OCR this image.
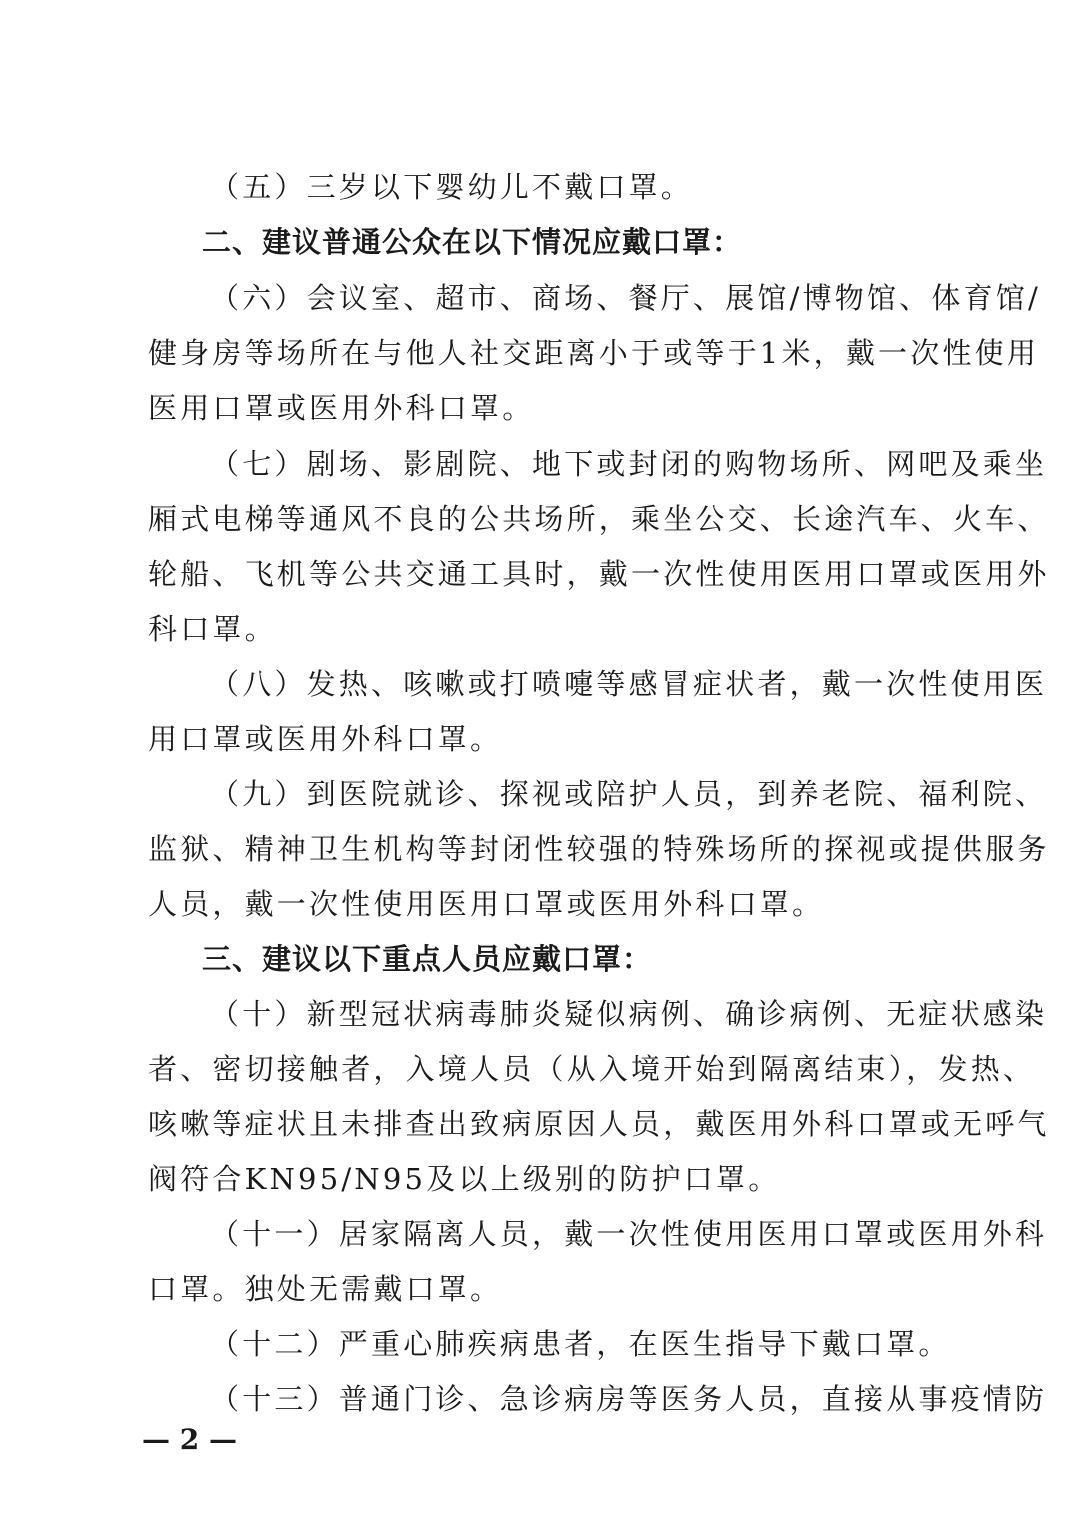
（五）三岁以下婴幼儿不戴口罩。
二、建议普通公众在以下情况应戴口罩：
（六）会议室、超市、商场、餐厅、展馆/博物馆、体育馆/
健身房等场所在与他人社交距离小于或等于1米，戴一次性使用
医用口罩或医用外科口罩。
（七）剧场、影剧院、地下或封闭的购物场所、网吧及乘坐
厢式电梯等通风不良的公共场所，乘坐公交、长途汽车、火车、
轮船、飞机等公共交通工具时，戴一次性使用医用口罩或医用外
科口罩。
（八）发热、咳嗽或打喷嚏等感冒症状者，戴一次性使用医
用口罩或医用外科口罩。
（九）到医院就诊、探视或陪护人员，到养老院、福利院、
监狱、精神卫生机构等封闭性较强的特殊场所的探视或提供服务
人员，戴一次性使用医用口罩或医用外科口罩。
三、建议以下重点人员应戴口罩：
（十）新型冠状病毒肺炎疑似病例、确诊病例、无症状感染
者、密切接触者，入境人员（从入境开始到隔离结束），发热、
咳嗽等症状且未排查出致病原因人员，戴医用外科口罩或无呼气
阀符合KN95/N95及以上级别的防护口罩。
（十一）居家隔离人员，戴一次性使用医用口罩或医用外科
口罩。独处无需戴口罩。
（十二）严重心肺疾病患者，在医生指导下戴口罩。
（十三）普通门诊、急诊病房等医务人员，直接从事疫情防
— 2 —
